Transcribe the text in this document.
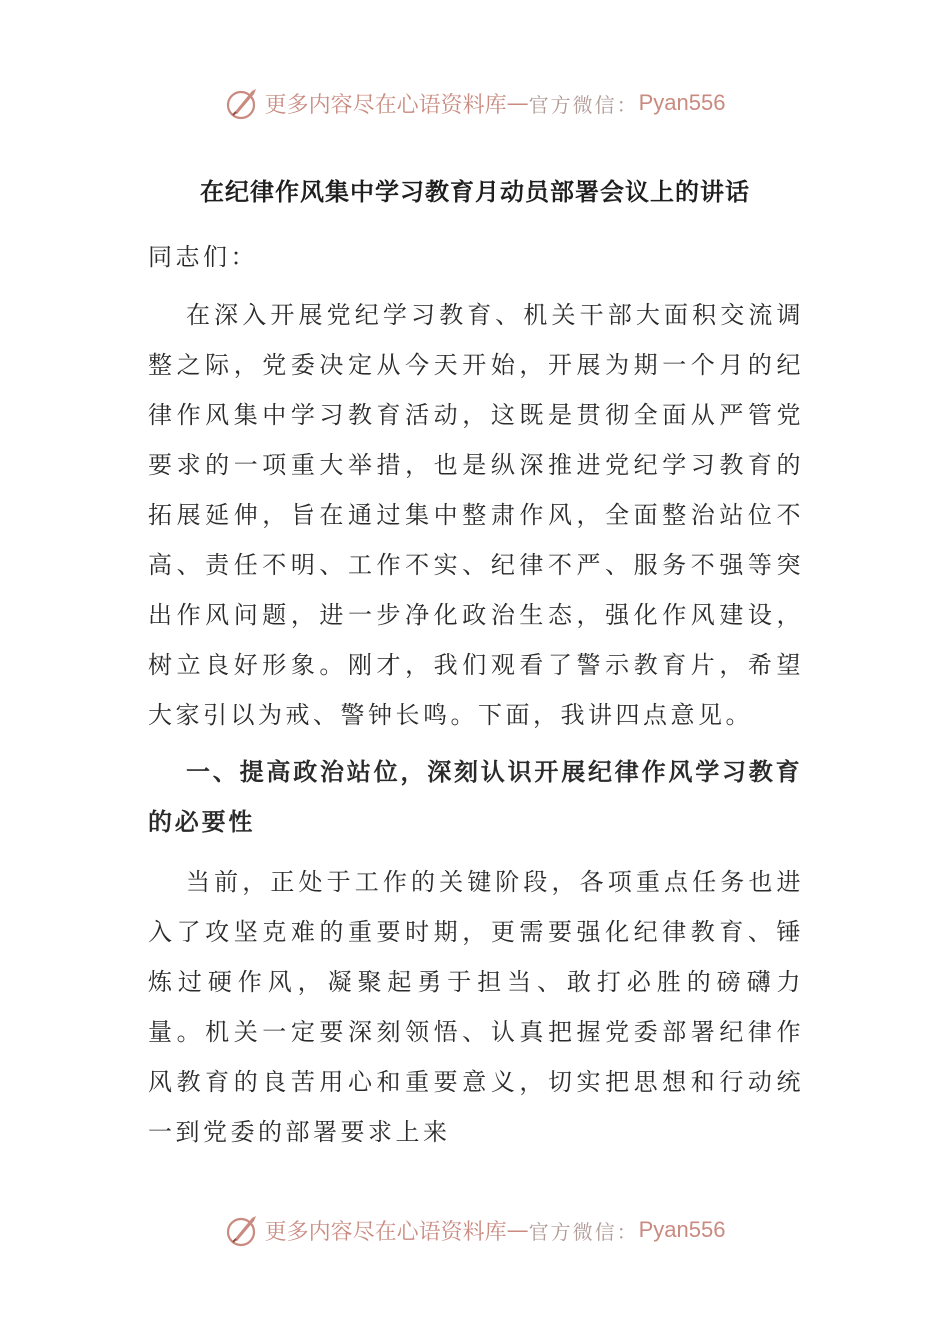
更多内容尽在心语资料库 — 官方微信： Pyan556
在纪律作风集中学习教育月动员部署会议上的讲话

同志们：

在深入开展党纪学习教育、机关干部大面积交流调整之际，党委决定从今天开始，开展为期一个月的纪律作风集中学习教育活动，这既是贯彻全面从严管党要求的一项重大举措，也是纵深推进党纪学习教育的拓展延伸，旨在通过集中整肃作风，全面整治站位不高、责任不明、工作不实、纪律不严、服务不强等突出作风问题，进一步净化政治生态，强化作风建设，树立良好形象。刚才，我们观看了警示教育片，希望大家引以为戒、警钟长鸣。下面，我讲四点意见。

一、提高政治站位，深刻认识开展纪律作风学习教育的必要性

当前，正处于工作的关键阶段，各项重点任务也进入了攻坚克难的重要时期，更需要强化纪律教育、锤炼过硬作风，凝聚起勇于担当、敢打必胜的磅礴力量。机关一定要深刻领悟、认真把握党委部署纪律作风教育的良苦用心和重要意义，切实把思想和行动统一到党委的部署要求上来

更多内容尽在心语资料库 — 官方微信： Pyan556
